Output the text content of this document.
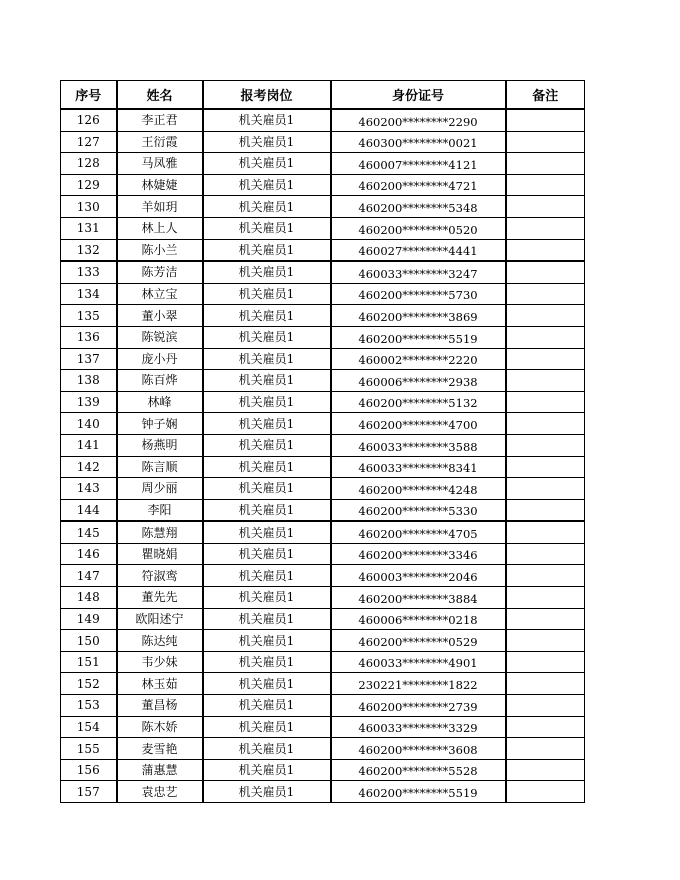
序号	姓名	报考岗位	身份证号	备注
126	李正君	机关雇员1	460200********2290	
127	王衍霞	机关雇员1	460300********0021	
128	马凤雅	机关雇员1	460007********4121	
129	林婕婕	机关雇员1	460200********4721	
130	羊如玥	机关雇员1	460200********5348	
131	林上人	机关雇员1	460200********0520	
132	陈小兰	机关雇员1	460027********4441	
133	陈芳洁	机关雇员1	460033********3247	
134	林立宝	机关雇员1	460200********5730	
135	董小翠	机关雇员1	460200********3869	
136	陈锐滨	机关雇员1	460200********5519	
137	庞小丹	机关雇员1	460002********2220	
138	陈百烨	机关雇员1	460006********2938	
139	林峰	机关雇员1	460200********5132	
140	钟子娴	机关雇员1	460200********4700	
141	杨燕明	机关雇员1	460033********3588	
142	陈言顺	机关雇员1	460033********8341	
143	周少丽	机关雇员1	460200********4248	
144	李阳	机关雇员1	460200********5330	
145	陈慧翔	机关雇员1	460200********4705	
146	瞿晓娟	机关雇员1	460200********3346	
147	符淑鸾	机关雇员1	460003********2046	
148	董先先	机关雇员1	460200********3884	
149	欧阳述宁	机关雇员1	460006********0218	
150	陈达纯	机关雇员1	460200********0529	
151	韦少妹	机关雇员1	460033********4901	
152	林玉茹	机关雇员1	230221********1822	
153	董昌杨	机关雇员1	460200********2739	
154	陈木娇	机关雇员1	460033********3329	
155	麦雪艳	机关雇员1	460200********3608	
156	蒲惠慧	机关雇员1	460200********5528	
157	袁忠艺	机关雇员1	460200********5519	
